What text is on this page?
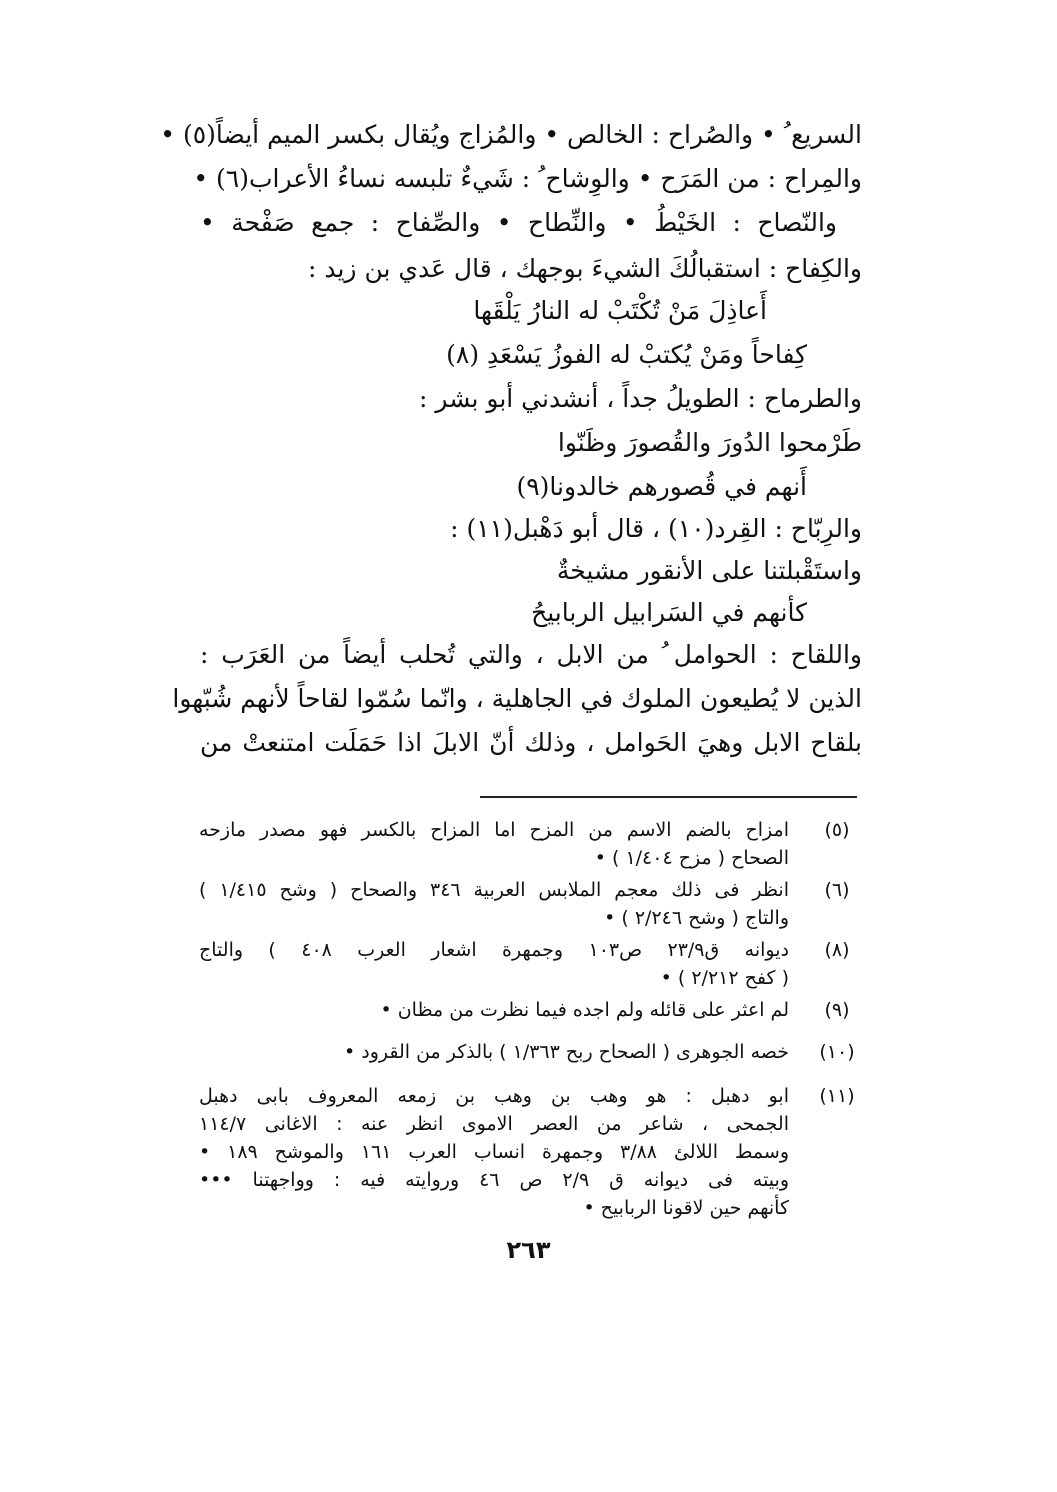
السريع ُ • والصُراح : الخالص • والمُزاج ويُقال بكسر الميم أيضاً(٥) •
والمِراح : من المَرَح • والوِشاح ُ : شَيءٌ تلبسه نساءُ الأعراب(٦) •
والنّصاح : الخَيْطُ • والنِّطاح • والصِّفاح : جمع صَفْحة •
والكِفاح : استقبالُكَ الشيءَ بوجهك ، قال عَدي بن زيد :
أَعاذِلَ مَنْ تُكْتَبْ له النارُ يَلْقَها
كِفاحاً ومَنْ يُكتبْ له الفوزُ يَسْعَدِ (٨)
والطرماح : الطويلُ جداً ، أنشدني أبو بشر :
طَرْمحوا الدُورَ والقُصورَ وظَنّوا
أَنهم في قُصورهم خالدونا(٩)
والرِبّاح : القِرد(١٠) ، قال أبو دَهْبل(١١) :
واستَقْبلتنا على الأنقور مشيخةٌ
كأنهم في السَرابيل الربابيحُ
واللقاح : الحوامل ُ من الابل ، والتي تُحلب أيضاً من العَرَب :
الذين لا يُطيعون الملوك في الجاهلية ، وانّما سُمّوا لقاحاً لأنهم شُبّهوا
بلقاح الابل وهيَ الحَوامل ، وذلك أنّ الابلَ اذا حَمَلَت امتنعتْ من
(٥)
امزاح بالضم الاسم من المزح اما المزاح بالكسر فهو مصدر مازحه
الصحاح ( مزح ١/٤٠٤ ) •
(٦)
انظر فى ذلك معجم الملابس العربية ٣٤٦ والصحاح ( وشح ١/٤١٥ )
والتاج ( وشح ٢/٢٤٦ ) •
(٨)
ديوانه ق٢٣/٩ ص١٠٣ وجمهرة اشعار العرب ٤٠٨ ) والتاج
( كفح ٢/٢١٢ ) •
(٩)
لم اعثر على قائله ولم اجده فيما نظرت من مظان •
(١٠)
خصه الجوهرى ( الصحاح ربح ١/٣٦٣ ) بالذكر من القرود •
(١١)
ابو دهبل : هو وهب بن وهب بن زمعه المعروف بابى دهبل
الجمحى ، شاعر من العصر الاموى انظر عنه : الاغانى ١١٤/٧
وسمط اللالئ ٣/٨٨ وجمهرة انساب العرب ١٦١ والموشح ١٨٩ •
وبيته فى ديوانه ق ٢/٩ ص ٤٦ وروايته فيه : وواجهتنا •••
كأنهم حين لاقونا الربابيح •
٢٦٣
